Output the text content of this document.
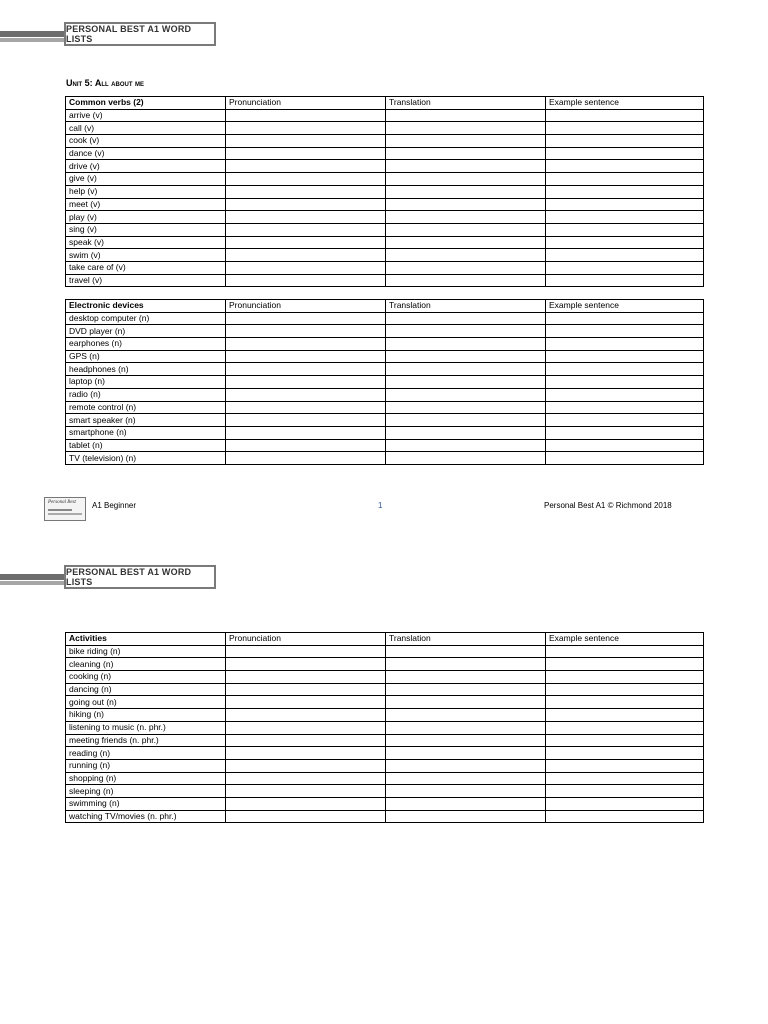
PERSONAL BEST A1 WORD LISTS
Unit 5: All about me
Common verbs (2)	Pronunciation	Translation	Example sentence
arrive (v)			
call (v)			
cook (v)			
dance (v)			
drive (v)			
give (v)			
help (v)			
meet (v)			
play (v)			
sing (v)			
speak (v)			
swim (v)			
take care of (v)			
travel (v)			
Electronic devices	Pronunciation	Translation	Example sentence
desktop computer (n)			
DVD player (n)			
earphones (n)			
GPS (n)			
headphones (n)			
laptop (n)			
radio (n)			
remote control (n)			
smart speaker (n)			
smartphone (n)			
tablet (n)			
TV (television) (n)			
Personal Best A1 Beginner	1	Personal Best A1 © Richmond 2018
PERSONAL BEST A1 WORD LISTS
Activities	Pronunciation	Translation	Example sentence
bike riding (n)			
cleaning (n)			
cooking (n)			
dancing (n)			
going out (n)			
hiking (n)			
listening to music (n. phr.)			
meeting friends (n. phr.)			
reading (n)			
running (n)			
shopping (n)			
sleeping (n)			
swimming (n)			
watching TV/movies (n. phr.)			
